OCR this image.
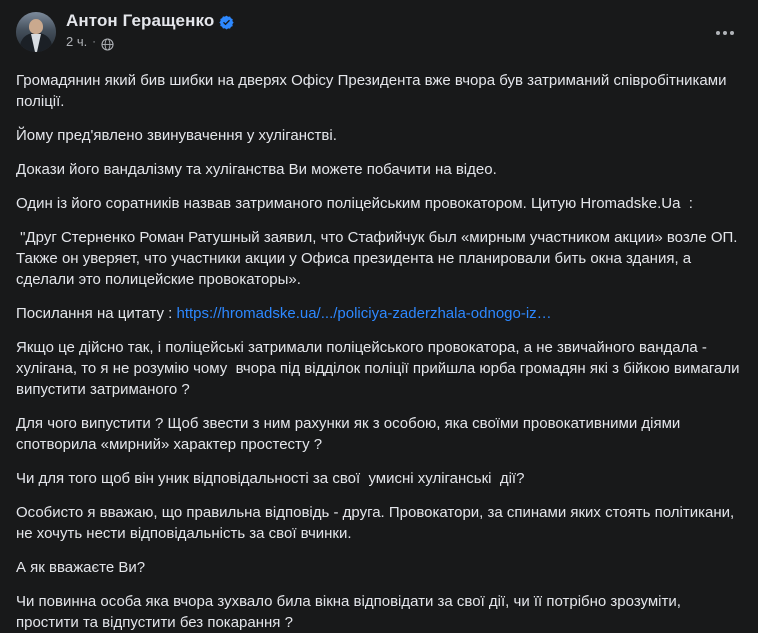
Антон Геращенко
2 ч. ·

Громадянин який бив шибки на дверях Офісу Президента вже вчора був затриманий співробітниками поліції.

Йому пред'явлено звинувачення у хуліганстві.

Докази його вандалізму та хуліганства Ви можете побачити на відео.

Один із його соратників назвав затриманого поліцейським провокатором. Цитую Hromadske.Ua  :

"Друг Стерненко Роман Ратушный заявил, что Стафийчук был «мирным участником акции» возле ОП. Также он уверяет, что участники акции у Офиса президента не планировали бить окна здания, а сделали это полицейские провокаторы».

Посилання на цитату : https://hromadske.ua/.../policiya-zaderzhala-odnogo-iz…

Якщо це дійсно так, і поліцейські затримали поліцейського провокатора, а не звичайного вандала - хулігана, то я не розумію чому  вчора під відділок поліції прийшла юрба громадян які з бійкою вимагали випустити затриманого ?

Для чого випустити ? Щоб звести з ним рахунки як з особою, яка своїми провокативними діями спотворила «мирний» характер простесту ?

Чи для того щоб він уник відповідальності за свої  умисні хуліганські  дії?

Особисто я вважаю, що правильна відповідь - друга. Провокатори, за спинами яких стоять політикани, не хочуть нести відповідальність за свої вчинки.

А як вважаєте Ви?

Чи повинна особа яка вчора зухвало била вікна відповідати за свої дії, чи її потрібно зрозуміти, простити та відпустити без покарання ?
